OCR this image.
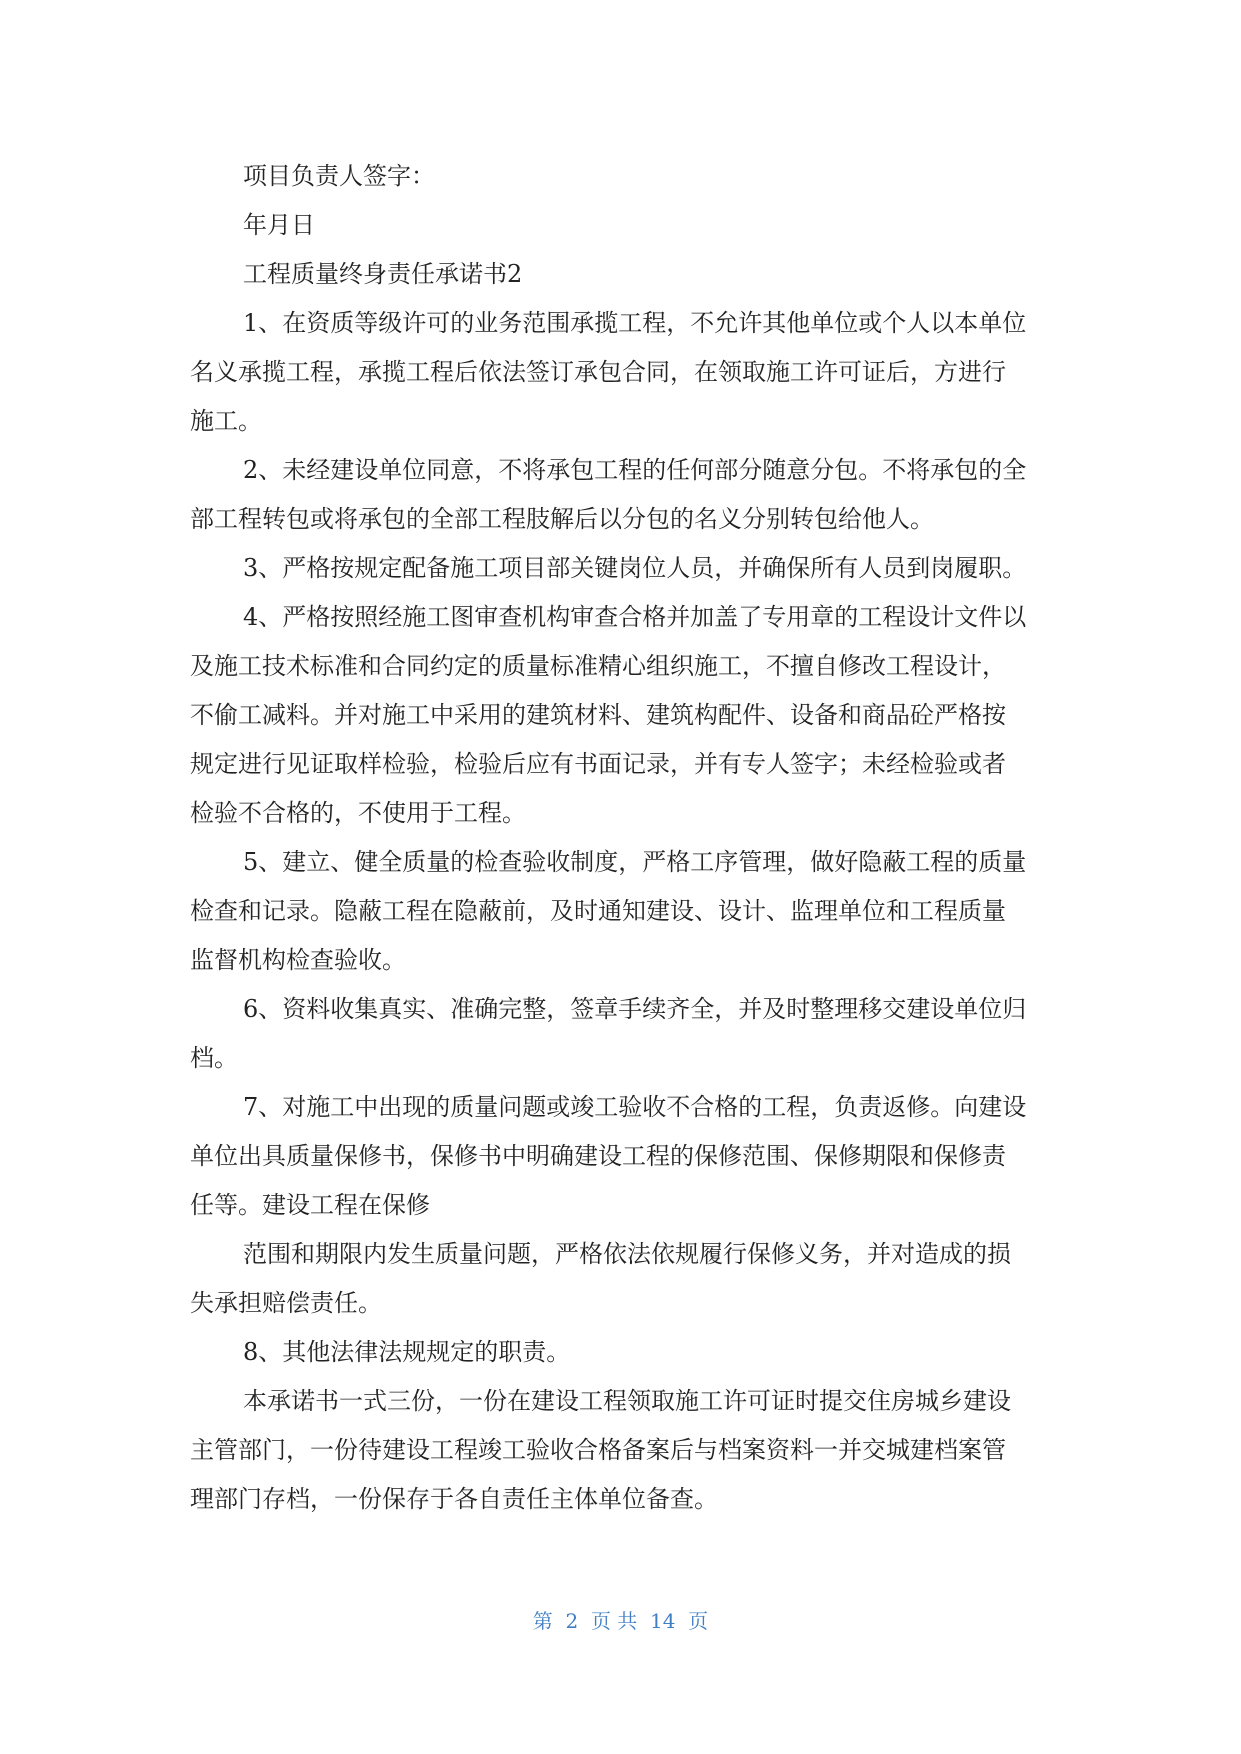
项目负责人签字：
年月日
工程质量终身责任承诺书2
1、在资质等级许可的业务范围承揽工程，不允许其他单位或个人以本单位
名义承揽工程，承揽工程后依法签订承包合同，在领取施工许可证后，方进行
施工。
2、未经建设单位同意，不将承包工程的任何部分随意分包。不将承包的全
部工程转包或将承包的全部工程肢解后以分包的名义分别转包给他人。
3、严格按规定配备施工项目部关键岗位人员，并确保所有人员到岗履职。
4、严格按照经施工图审查机构审查合格并加盖了专用章的工程设计文件以
及施工技术标准和合同约定的质量标准精心组织施工，不擅自修改工程设计，
不偷工减料。并对施工中采用的建筑材料、建筑构配件、设备和商品砼严格按
规定进行见证取样检验，检验后应有书面记录，并有专人签字；未经检验或者
检验不合格的，不使用于工程。
5、建立、健全质量的检查验收制度，严格工序管理，做好隐蔽工程的质量
检查和记录。隐蔽工程在隐蔽前，及时通知建设、设计、监理单位和工程质量
监督机构检查验收。
6、资料收集真实、准确完整，签章手续齐全，并及时整理移交建设单位归
档。
7、对施工中出现的质量问题或竣工验收不合格的工程，负责返修。向建设
单位出具质量保修书，保修书中明确建设工程的保修范围、保修期限和保修责
任等。建设工程在保修
范围和期限内发生质量问题，严格依法依规履行保修义务，并对造成的损
失承担赔偿责任。
8、其他法律法规规定的职责。
本承诺书一式三份，一份在建设工程领取施工许可证时提交住房城乡建设
主管部门，一份待建设工程竣工验收合格备案后与档案资料一并交城建档案管
理部门存档，一份保存于各自责任主体单位备查。
第  2  页 共  14  页
